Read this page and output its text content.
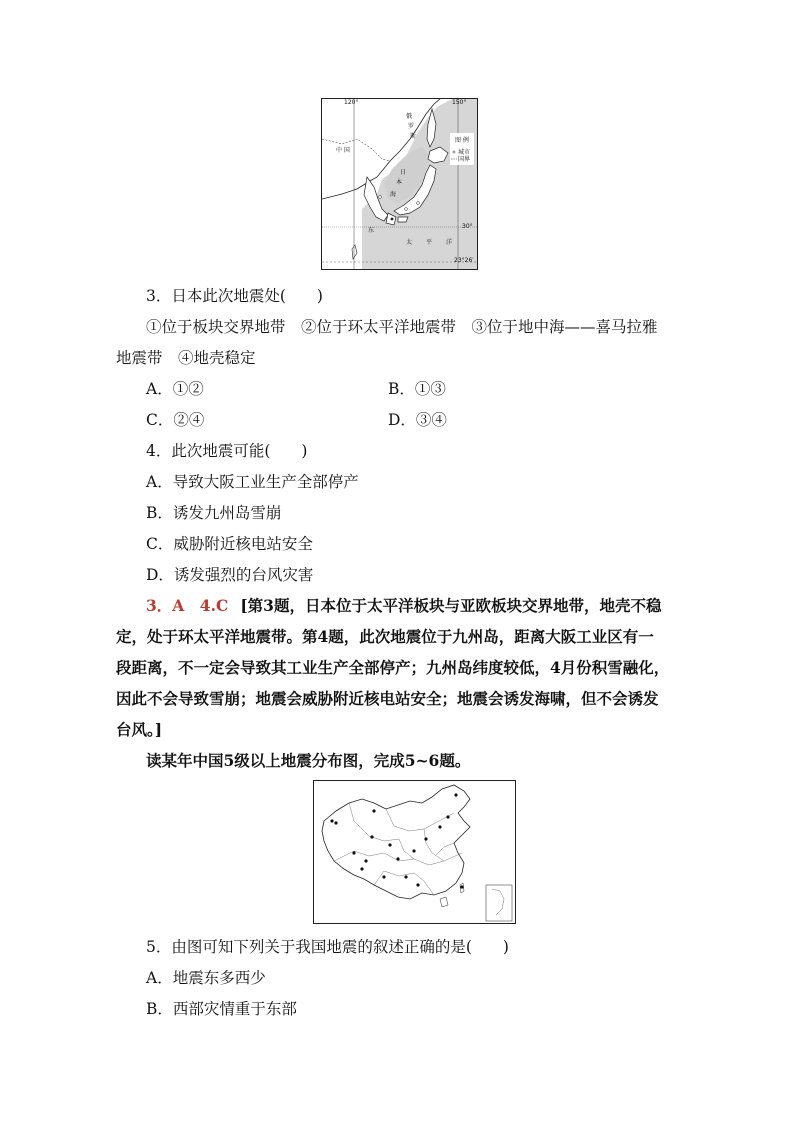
120°	150°
30°
23°26′
中 国
俄
罗
斯
日
本
海
东
太 平 洋
图 例
城市
国界
3．日本此次地震处(　　)
①位于板块交界地带　②位于环太平洋地震带　③位于地中海——喜马拉雅
地震带　④地壳稳定
A．①②	B．①③
C．②④	D．③④
4．此次地震可能(　　)
A．导致大阪工业生产全部停产
B．诱发九州岛雪崩
C．威胁附近核电站安全
D．诱发强烈的台风灾害
3．A　4.C [第3题，日本位于太平洋板块与亚欧板块交界地带，地壳不稳
定，处于环太平洋地震带。第4题，此次地震位于九州岛，距离大阪工业区有一
段距离，不一定会导致其工业生产全部停产；九州岛纬度较低，4月份积雪融化，
因此不会导致雪崩；地震会威胁附近核电站安全；地震会诱发海啸，但不会诱发
台风。]
读某年中国5级以上地震分布图，完成5~6题。
5．由图可知下列关于我国地震的叙述正确的是(　　)
A．地震东多西少
B．西部灾情重于东部
